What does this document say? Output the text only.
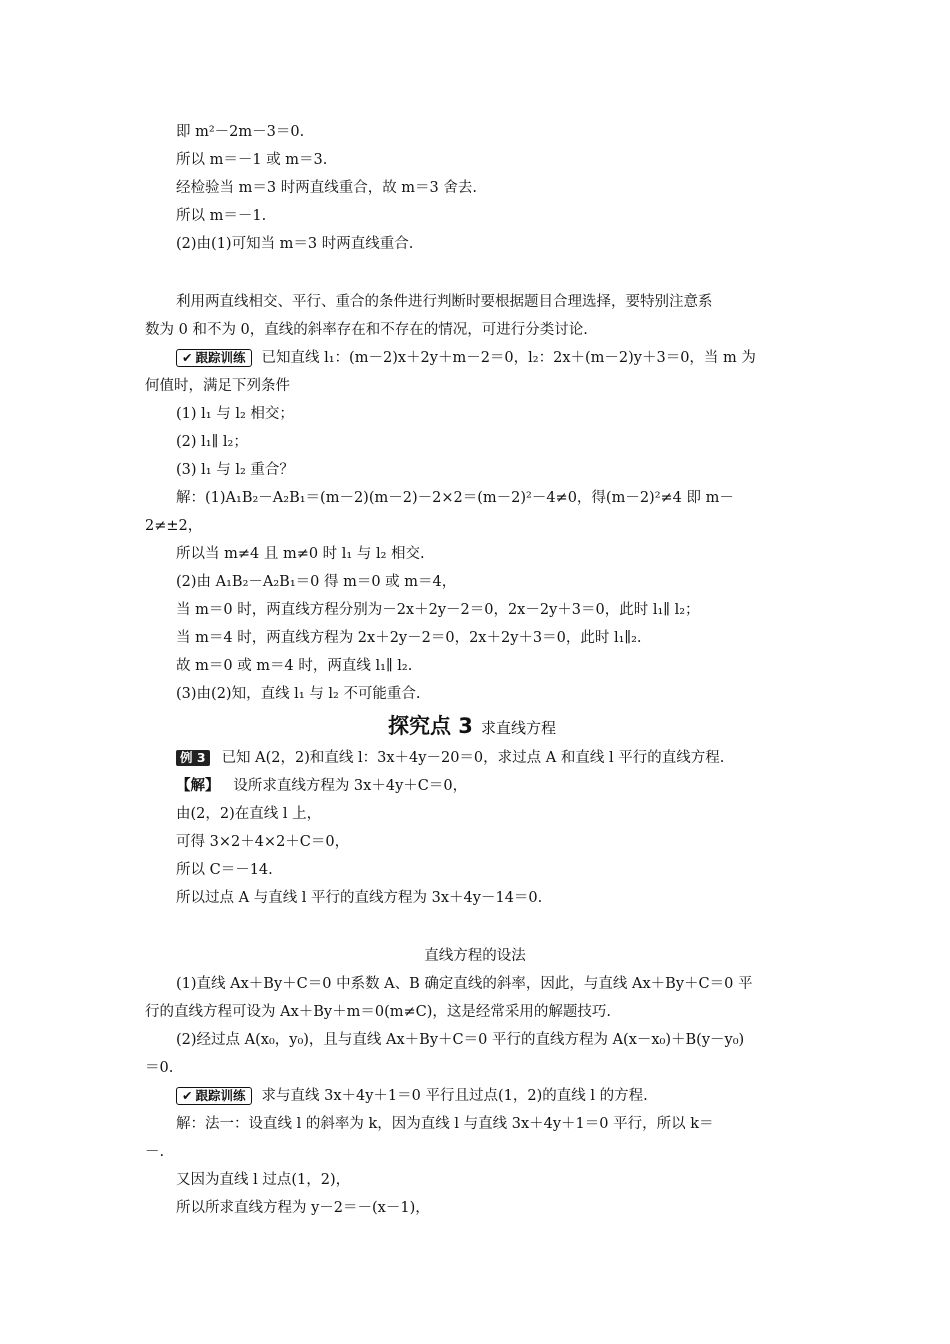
即 m²－2m－3＝0.
所以 m＝－1 或 m＝3.
经检验当 m＝3 时两直线重合，故 m＝3 舍去.
所以 m＝－1.
(2)由(1)可知当 m＝3 时两直线重合.
利用两直线相交、平行、重合的条件进行判断时要根据题目合理选择，要特别注意系
数为 0 和不为 0，直线的斜率存在和不存在的情况，可进行分类讨论.
✔ 跟踪训练 已知直线 l₁：(m－2)x＋2y＋m－2＝0，l₂：2x＋(m－2)y＋3＝0，当 m 为
何值时，满足下列条件
(1) l₁ 与 l₂ 相交；
(2) l₁∥ l₂；
(3) l₁ 与 l₂ 重合？
解：(1)A₁B₂－A₂B₁＝(m－2)(m－2)－2×2＝(m－2)²－4≠0，得(m－2)²≠4 即 m－
2≠±2，
所以当 m≠4 且 m≠0 时 l₁ 与 l₂ 相交.
(2)由 A₁B₂－A₂B₁＝0 得 m＝0 或 m＝4，
当 m＝0 时，两直线方程分别为－2x＋2y－2＝0，2x－2y＋3＝0，此时 l₁∥ l₂；
当 m＝4 时，两直线方程为 2x＋2y－2＝0，2x＋2y＋3＝0，此时 l₁∥₂.
故 m＝0 或 m＝4 时，两直线 l₁∥ l₂.
(3)由(2)知，直线 l₁ 与 l₂ 不可能重合.
探究点 3 求直线方程
例 3 已知 A(2，2)和直线 l：3x＋4y－20＝0，求过点 A 和直线 l 平行的直线方程.
【解】 设所求直线方程为 3x＋4y＋C＝0，
由(2，2)在直线 l 上，
可得 3×2＋4×2＋C＝0，
所以 C＝－14.
所以过点 A 与直线 l 平行的直线方程为 3x＋4y－14＝0.
直线方程的设法
(1)直线 Ax＋By＋C＝0 中系数 A、B 确定直线的斜率，因此，与直线 Ax＋By＋C＝0 平
行的直线方程可设为 Ax＋By＋m＝0(m≠C)，这是经常采用的解题技巧.
(2)经过点 A(x₀，y₀)，且与直线 Ax＋By＋C＝0 平行的直线方程为 A(x－x₀)＋B(y－y₀)
＝0.
✔ 跟踪训练 求与直线 3x＋4y＋1＝0 平行且过点(1，2)的直线 l 的方程.
解：法一：设直线 l 的斜率为 k，因为直线 l 与直线 3x＋4y＋1＝0 平行，所以 k＝
－.
又因为直线 l 过点(1，2)，
所以所求直线方程为 y－2＝－(x－1)，
